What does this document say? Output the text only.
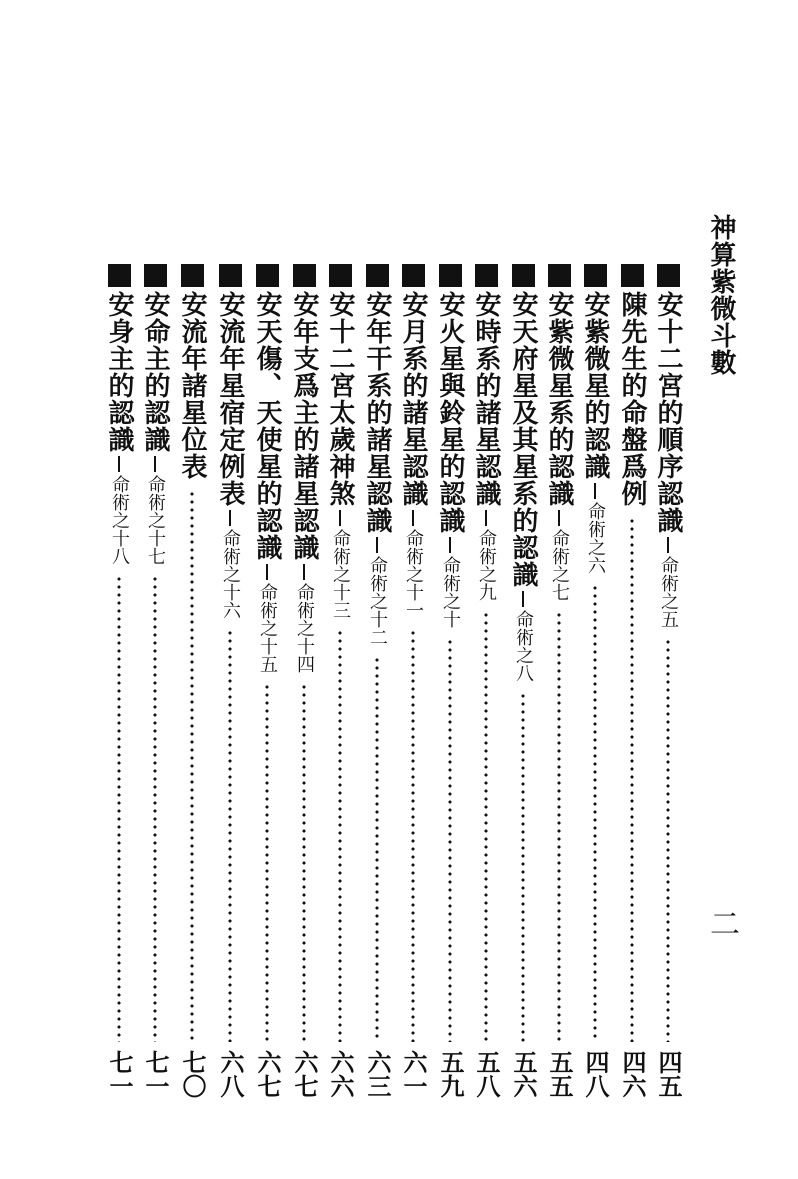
神算紫微斗數
二
安十二宮的順序認識
命術之五
四五
陳先生的命盤爲例
四六
安紫微星的認識
命術之六
四八
安紫微星系的認識
命術之七
五五
安天府星及其星系的認識
命術之八
五六
安時系的諸星認識
命術之九
五八
安火星與鈴星的認識
命術之十
五九
安月系的諸星認識
命術之十一
六一
安年干系的諸星認識
命術之十二
六三
安十二宮太歲神煞
命術之十三
六六
安年支爲主的諸星認識
命術之十四
六七
安天傷、天使星的認識
命術之十五
六七
安流年星宿定例表
命術之十六
六八
安流年諸星位表
七〇
安命主的認識
命術之十七
七一
安身主的認識
命術之十八
七一
